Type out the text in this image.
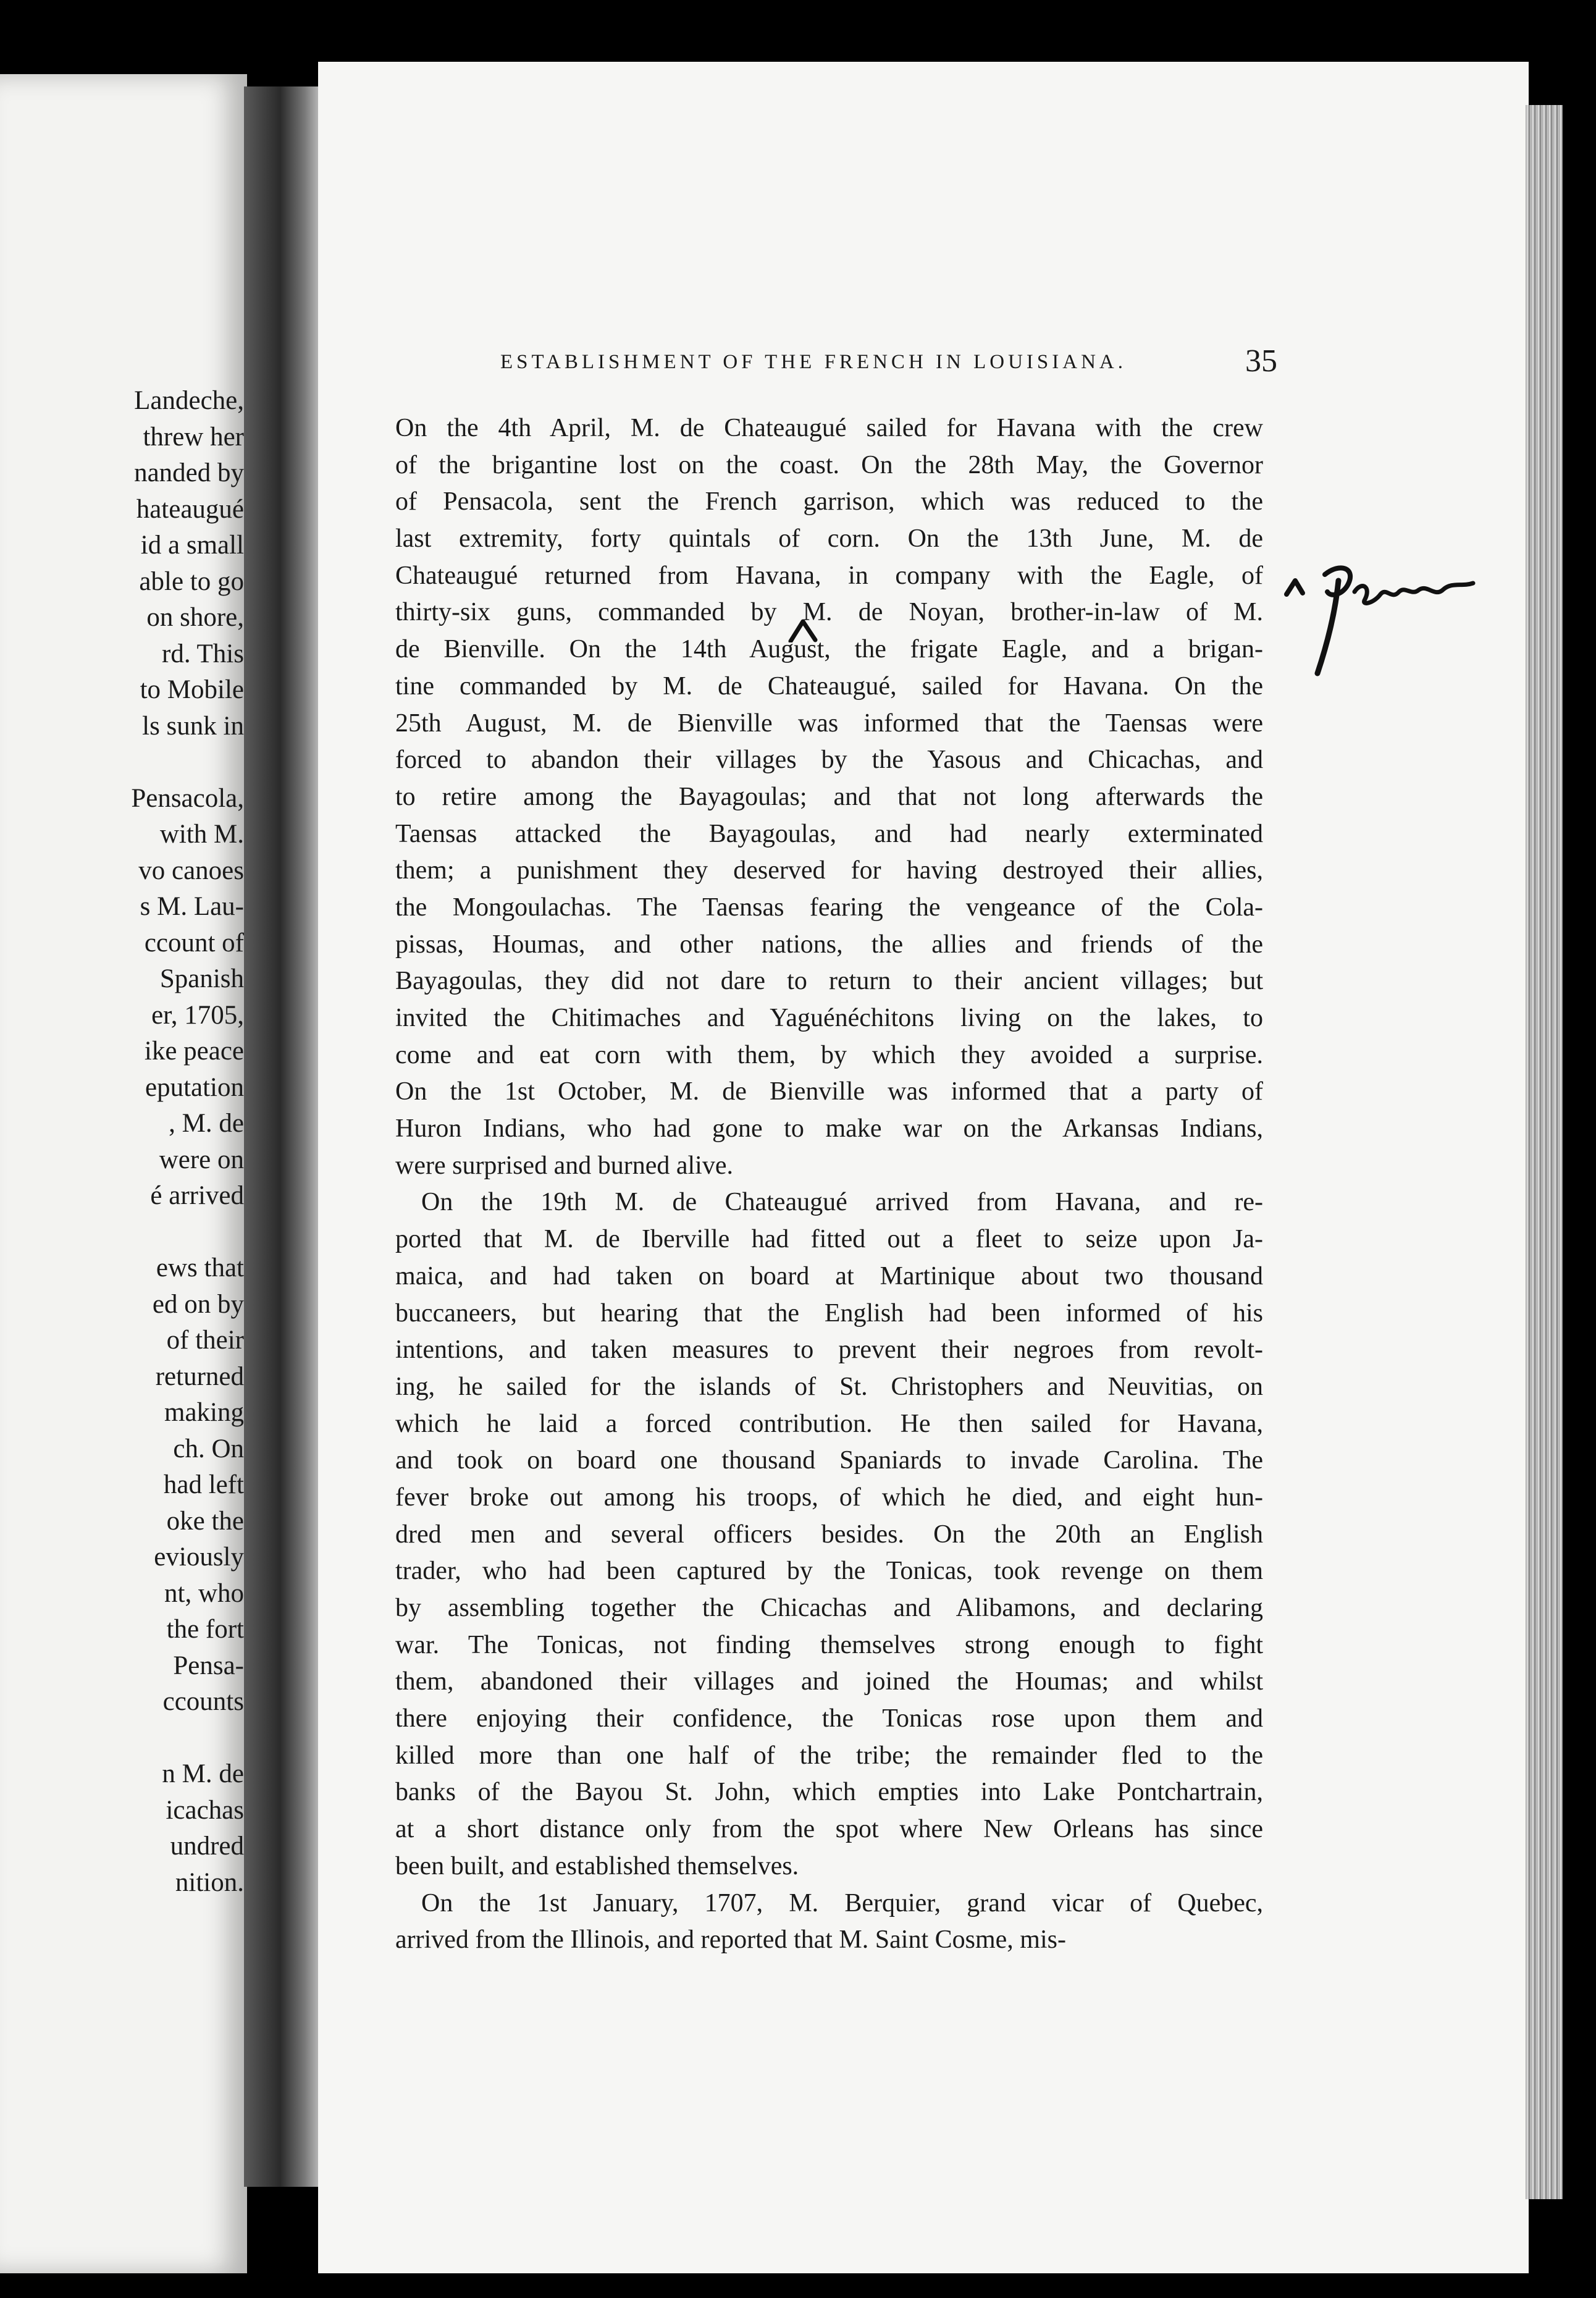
Landeche,
threw her
nanded by
hateaugué
id a small
able to go
on shore,
rd. This
to Mobile
ls sunk in
Pensacola,
with M.
vo canoes
s M. Lau-
ccount of
Spanish
er, 1705,
ike peace
eputation
, M. de
were on
é arrived
ews that
ed on by
of their
returned
making
ch. On
had left
oke the
eviously
nt, who
the fort
Pensa-
ccounts
n M. de
icachas
undred
nition.
ESTABLISHMENT OF THE FRENCH IN LOUISIANA.	35
On the 4th April, M. de Chateaugué sailed for Havana with the crew
of the brigantine lost on the coast. On the 28th May, the Governor
of Pensacola, sent the French garrison, which was reduced to the
last extremity, forty quintals of corn. On the 13th June, M. de
Chateaugué returned from Havana, in company with the Eagle, of
thirty-six guns, commanded by M. de Noyan, brother-in-law of M.
de Bienville. On the 14th August, the frigate Eagle, and a brigan-
tine commanded by M. de Chateaugué, sailed for Havana. On the
25th August, M. de Bienville was informed that the Taensas were
forced to abandon their villages by the Yasous and Chicachas, and
to retire among the Bayagoulas; and that not long afterwards the
Taensas attacked the Bayagoulas, and had nearly exterminated
them; a punishment they deserved for having destroyed their allies,
the Mongoulachas. The Taensas fearing the vengeance of the Cola-
pissas, Houmas, and other nations, the allies and friends of the
Bayagoulas, they did not dare to return to their ancient villages; but
invited the Chitimaches and Yaguénéchitons living on the lakes, to
come and eat corn with them, by which they avoided a surprise.
On the 1st October, M. de Bienville was informed that a party of
Huron Indians, who had gone to make war on the Arkansas Indians,
were surprised and burned alive.
On the 19th M. de Chateaugué arrived from Havana, and re-
ported that M. de Iberville had fitted out a fleet to seize upon Ja-
maica, and had taken on board at Martinique about two thousand
buccaneers, but hearing that the English had been informed of his
intentions, and taken measures to prevent their negroes from revolt-
ing, he sailed for the islands of St. Christophers and Neuvitias, on
which he laid a forced contribution. He then sailed for Havana,
and took on board one thousand Spaniards to invade Carolina. The
fever broke out among his troops, of which he died, and eight hun-
dred men and several officers besides. On the 20th an English
trader, who had been captured by the Tonicas, took revenge on them
by assembling together the Chicachas and Alibamons, and declaring
war. The Tonicas, not finding themselves strong enough to fight
them, abandoned their villages and joined the Houmas; and whilst
there enjoying their confidence, the Tonicas rose upon them and
killed more than one half of the tribe; the remainder fled to the
banks of the Bayou St. John, which empties into Lake Pontchartrain,
at a short distance only from the spot where New Orleans has since
been built, and established themselves.
On the 1st January, 1707, M. Berquier, grand vicar of Quebec,
arrived from the Illinois, and reported that M. Saint Cosme, mis-
